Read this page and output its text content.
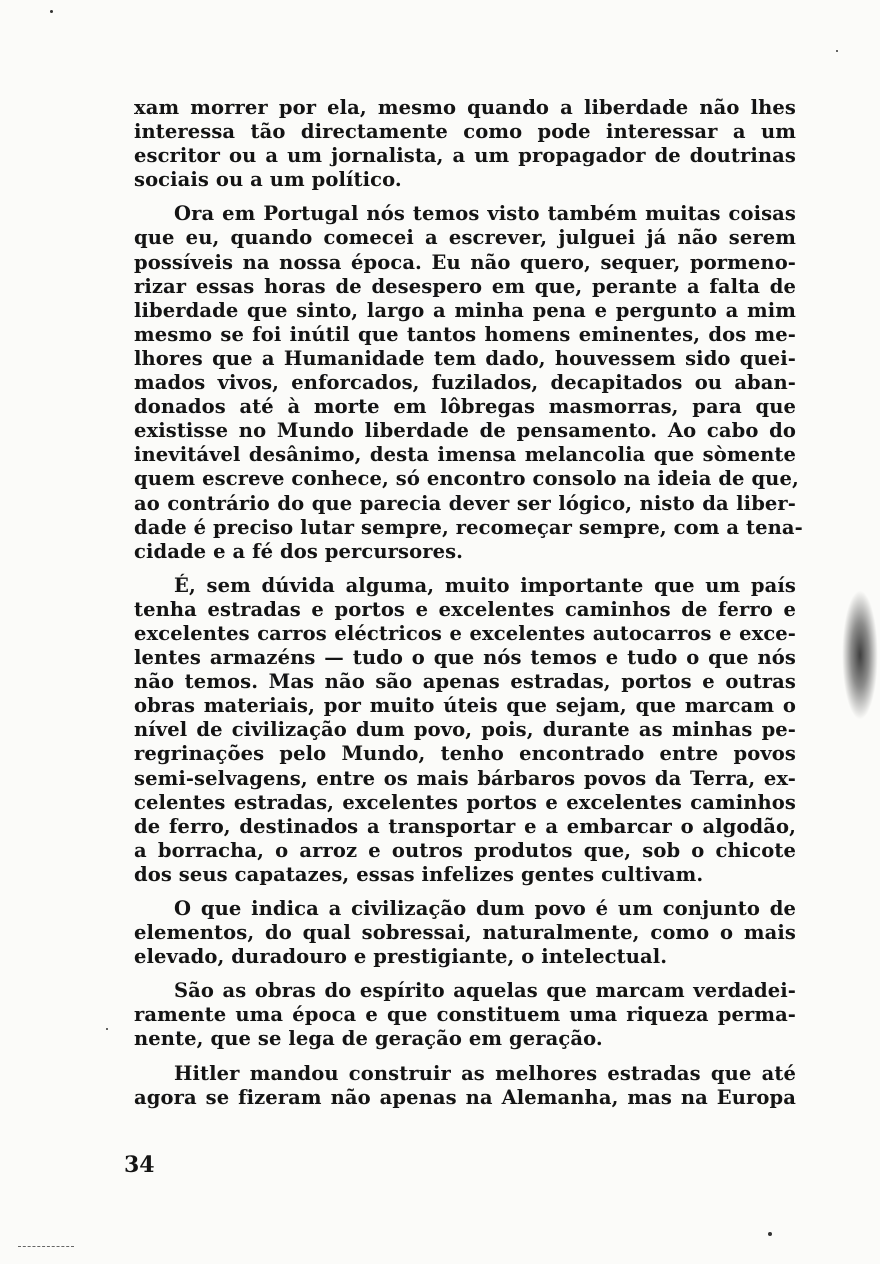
xam morrer por ela, mesmo quando a liberdade não lhes
interessa tão directamente como pode interessar a um
escritor ou a um jornalista, a um propagador de doutrinas
sociais ou a um político.
Ora em Portugal nós temos visto também muitas coisas
que eu, quando comecei a escrever, julguei já não serem
possíveis na nossa época. Eu não quero, sequer, pormeno-
rizar essas horas de desespero em que, perante a falta de
liberdade que sinto, largo a minha pena e pergunto a mim
mesmo se foi inútil que tantos homens eminentes, dos me-
lhores que a Humanidade tem dado, houvessem sido quei-
mados vivos, enforcados, fuzilados, decapitados ou aban-
donados até à morte em lôbregas masmorras, para que
existisse no Mundo liberdade de pensamento. Ao cabo do
inevitável desânimo, desta imensa melancolia que sòmente
quem escreve conhece, só encontro consolo na ideia de que,
ao contrário do que parecia dever ser lógico, nisto da liber-
dade é preciso lutar sempre, recomeçar sempre, com a tena-
cidade e a fé dos percursores.
É, sem dúvida alguma, muito importante que um país
tenha estradas e portos e excelentes caminhos de ferro e
excelentes carros eléctricos e excelentes autocarros e exce-
lentes armazéns — tudo o que nós temos e tudo o que nós
não temos. Mas não são apenas estradas, portos e outras
obras materiais, por muito úteis que sejam, que marcam o
nível de civilização dum povo, pois, durante as minhas pe-
regrinações pelo Mundo, tenho encontrado entre povos
semi-selvagens, entre os mais bárbaros povos da Terra, ex-
celentes estradas, excelentes portos e excelentes caminhos
de ferro, destinados a transportar e a embarcar o algodão,
a borracha, o arroz e outros produtos que, sob o chicote
dos seus capatazes, essas infelizes gentes cultivam.
O que indica a civilização dum povo é um conjunto de
elementos, do qual sobressai, naturalmente, como o mais
elevado, duradouro e prestigiante, o intelectual.
São as obras do espírito aquelas que marcam verdadei-
ramente uma época e que constituem uma riqueza perma-
nente, que se lega de geração em geração.
Hitler mandou construir as melhores estradas que até
agora se fizeram não apenas na Alemanha, mas na Europa
34
